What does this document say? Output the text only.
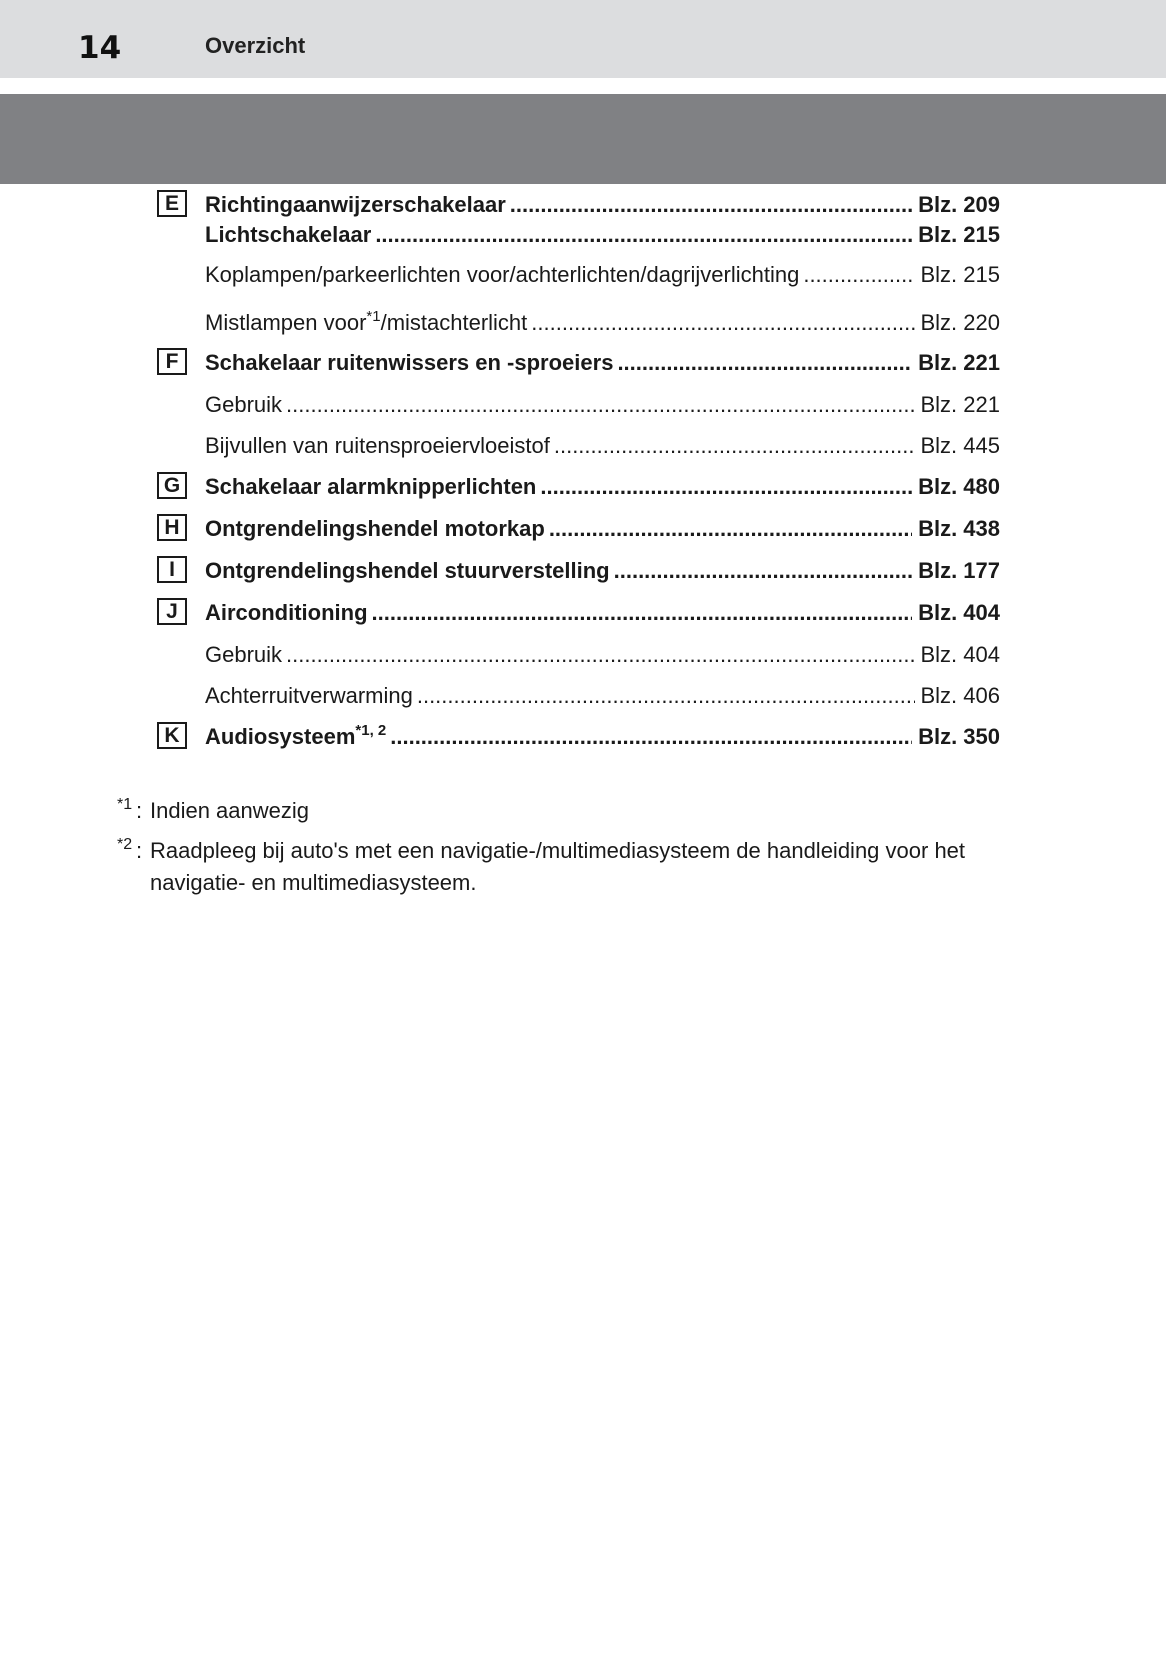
14	Overzicht
E	Richtingaanwijzerschakelaar .....	Blz. 209
Lichtschakelaar .....	Blz. 215
Koplampen/parkeerlichten voor/achterlichten/dagrijverlichting .....	Blz. 215
Mistlampen voor$^{*1}$/mistachterlicht .....	Blz. 220
F	Schakelaar ruitenwissers en -sproeiers .....	Blz. 221
Gebruik .....	Blz. 221
Bijvullen van ruitensproeiervloeistof .....	Blz. 445
G	Schakelaar alarmknipperlichten .....	Blz. 480
H	Ontgrendelingshendel motorkap .....	Blz. 438
I	Ontgrendelingshendel stuurverstelling .....	Blz. 177
J	Airconditioning .....	Blz. 404
Gebruik .....	Blz. 404
Achterruitverwarming .....	Blz. 406
K	Audiosysteem$^{*1, 2}$ .....	Blz. 350
*1 : Indien aanwezig
*2 : Raadpleeg bij auto's met een navigatie-/multimediasysteem de handleiding voor het navigatie- en multimediasysteem.
